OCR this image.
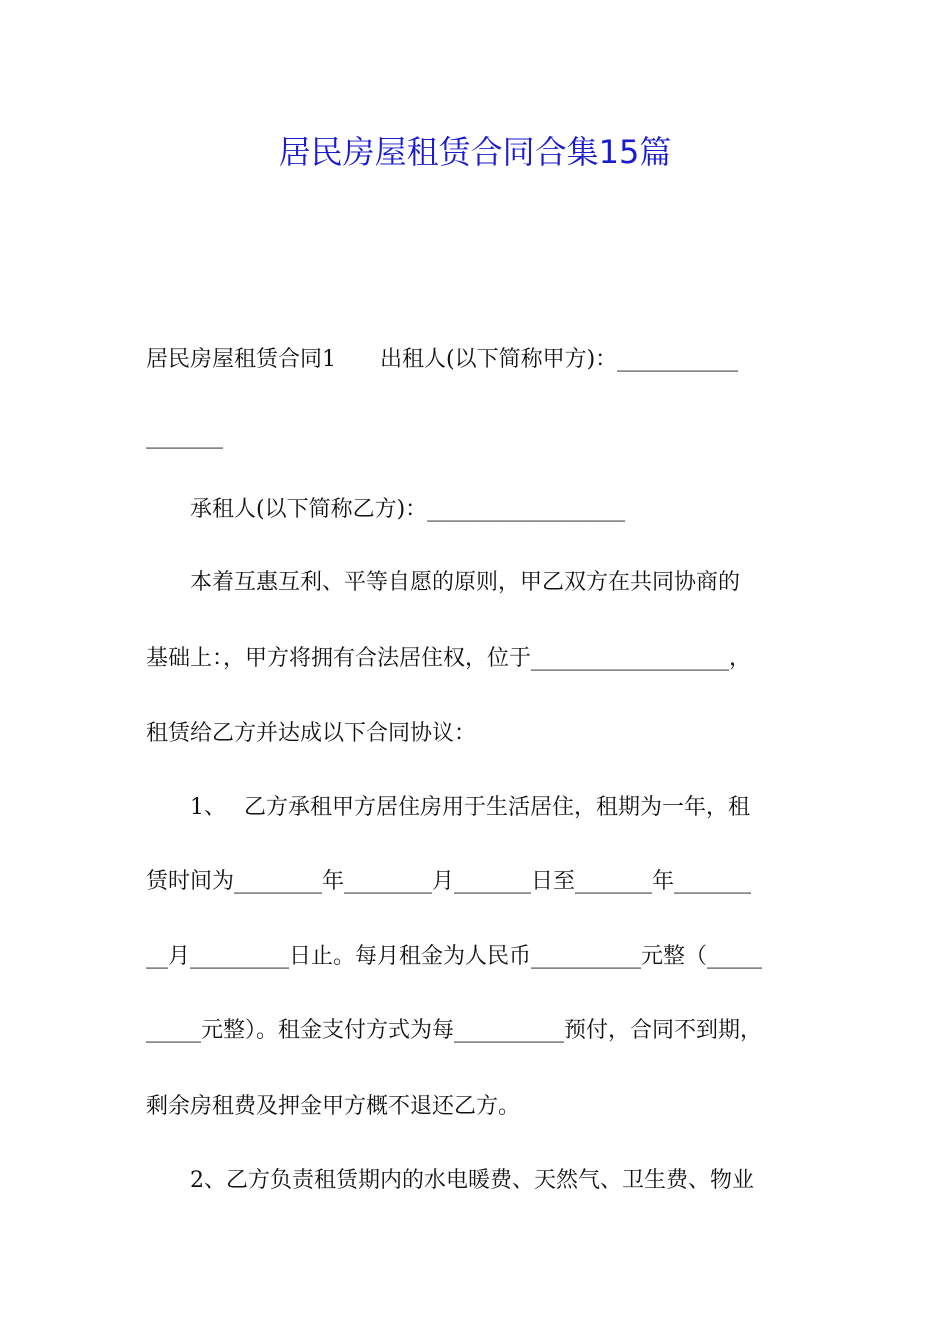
居民房屋租赁合同合集15篇
居民房屋租赁合同1　　出租人(以下简称甲方)：___________
_______
　　承租人(以下简称乙方)：__________________
　　本着互惠互利、平等自愿的原则，甲乙双方在共同协商的
基础上：，甲方将拥有合法居住权，位于__________________，
租赁给乙方并达成以下合同协议：
　　1、　 乙方承租甲方居住房用于生活居住，租期为一年，租
赁时间为________年________月_______日至_______年_______
__月_________日止。每月租金为人民币__________元整（_____
_____元整）。租金支付方式为每__________预付，合同不到期，
剩余房租费及押金甲方概不退还乙方。
　　2、乙方负责租赁期内的水电暖费、天然气、卫生费、物业
